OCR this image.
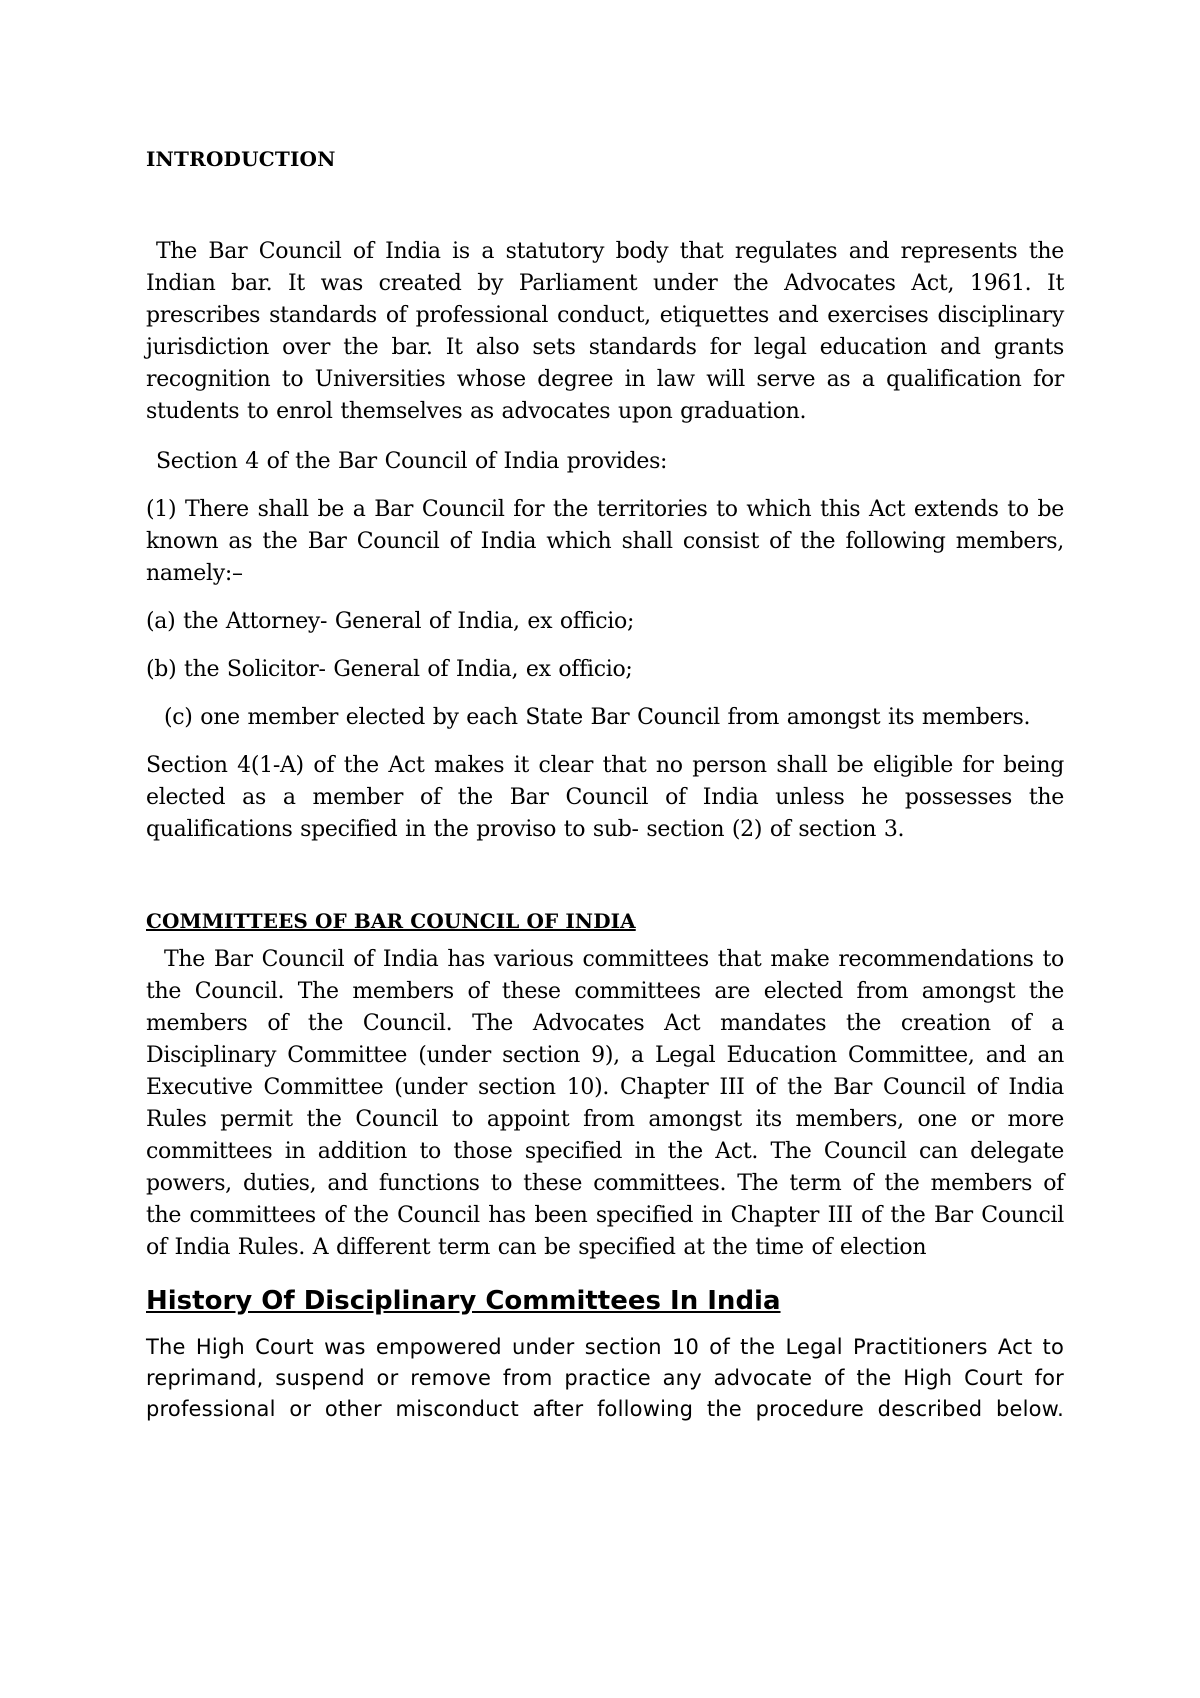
INTRODUCTION

The Bar Council of India is a statutory body that regulates and represents the Indian bar. It was created by Parliament under the Advocates Act, 1961. It prescribes standards of professional conduct, etiquettes and exercises disciplinary jurisdiction over the bar. It also sets standards for legal education and grants recognition to Universities whose degree in law will serve as a qualification for students to enrol themselves as advocates upon graduation.

Section 4 of the Bar Council of India provides:

(1) There shall be a Bar Council for the territories to which this Act extends to be known as the Bar Council of India which shall consist of the following members, namely:–

(a) the Attorney- General of India, ex officio;

(b) the Solicitor- General of India, ex officio;

(c) one member elected by each State Bar Council from amongst its members.

Section 4(1-A) of the Act makes it clear that no person shall be eligible for being elected as a member of the Bar Council of India unless he possesses the qualifications specified in the proviso to sub- section (2) of section 3.

COMMITTEES OF BAR COUNCIL OF INDIA

The Bar Council of India has various committees that make recommendations to the Council. The members of these committees are elected from amongst the members of the Council. The Advocates Act mandates the creation of a Disciplinary Committee (under section 9), a Legal Education Committee, and an Executive Committee (under section 10). Chapter III of the Bar Council of India Rules permit the Council to appoint from amongst its members, one or more committees in addition to those specified in the Act. The Council can delegate powers, duties, and functions to these committees. The term of the members of the committees of the Council has been specified in Chapter III of the Bar Council of India Rules. A different term can be specified at the time of election

History Of Disciplinary Committees In India

The High Court was empowered under section 10 of the Legal Practitioners Act to reprimand, suspend or remove from practice any advocate of the High Court for professional or other misconduct after following the procedure described below.
